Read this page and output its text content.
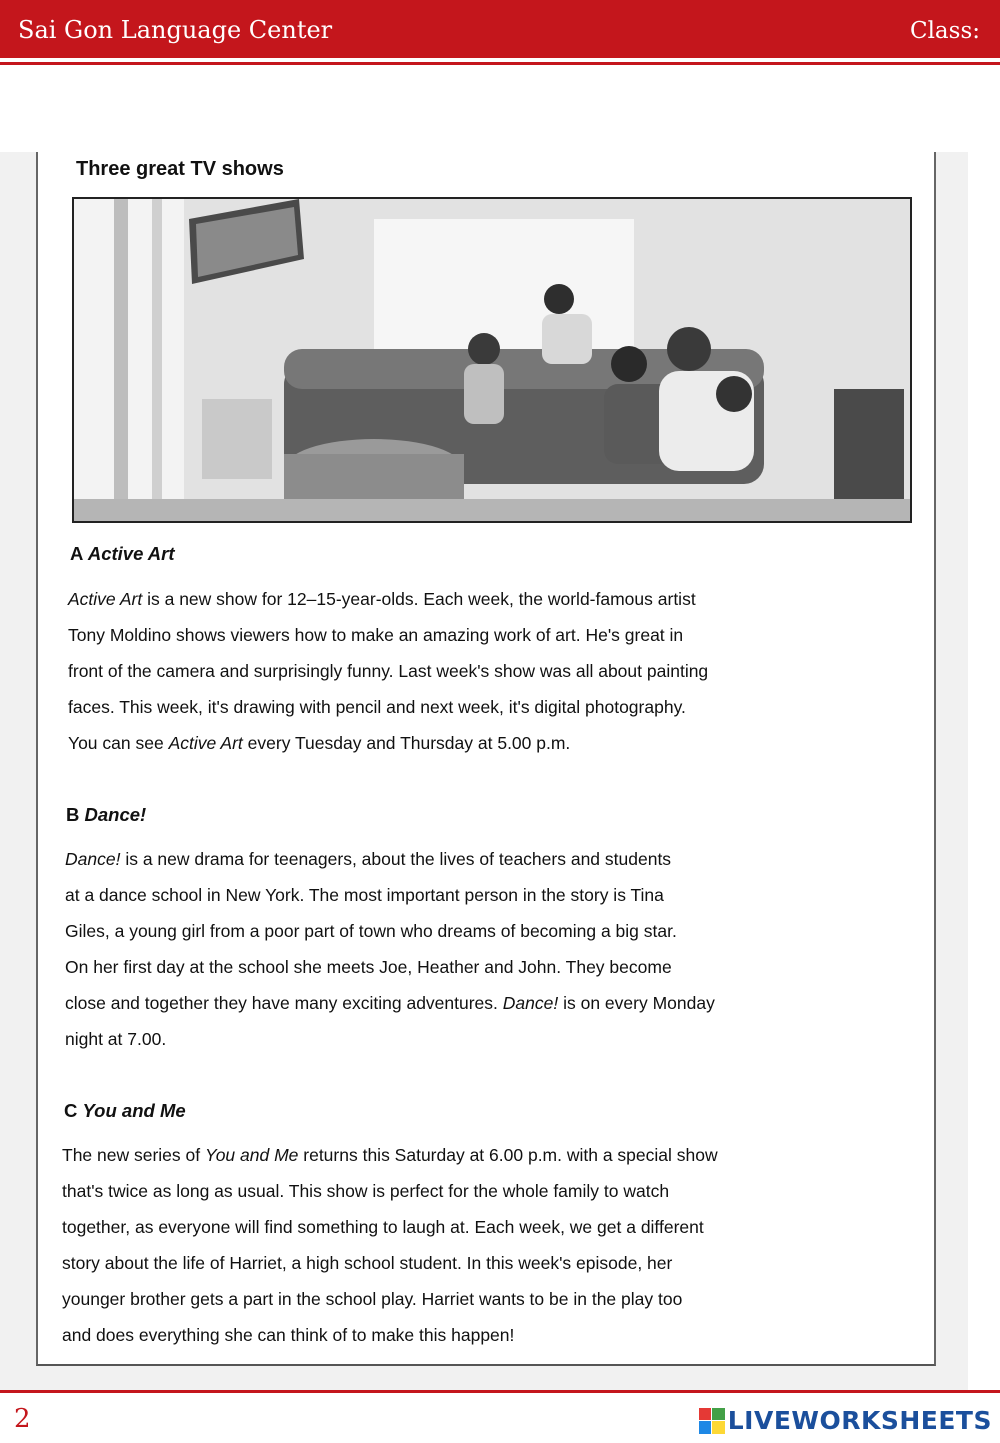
Sai Gon Language Center	Class:
Three great TV shows
A Active Art
Active Art is a new show for 12–15-year-olds. Each week, the world-famous artist
Tony Moldino shows viewers how to make an amazing work of art. He's great in
front of the camera and surprisingly funny. Last week's show was all about painting
faces. This week, it's drawing with pencil and next week, it's digital photography.
You can see Active Art every Tuesday and Thursday at 5.00 p.m.
B Dance!
Dance! is a new drama for teenagers, about the lives of teachers and students
at a dance school in New York. The most important person in the story is Tina
Giles, a young girl from a poor part of town who dreams of becoming a big star.
On her first day at the school she meets Joe, Heather and John. They become
close and together they have many exciting adventures. Dance! is on every Monday
night at 7.00.
C You and Me
The new series of You and Me returns this Saturday at 6.00 p.m. with a special show
that's twice as long as usual. This show is perfect for the whole family to watch
together, as everyone will find something to laugh at. Each week, we get a different
story about the life of Harriet, a high school student. In this week's episode, her
younger brother gets a part in the school play. Harriet wants to be in the play too
and does everything she can think of to make this happen!
2	LIVEWORKSHEETS
